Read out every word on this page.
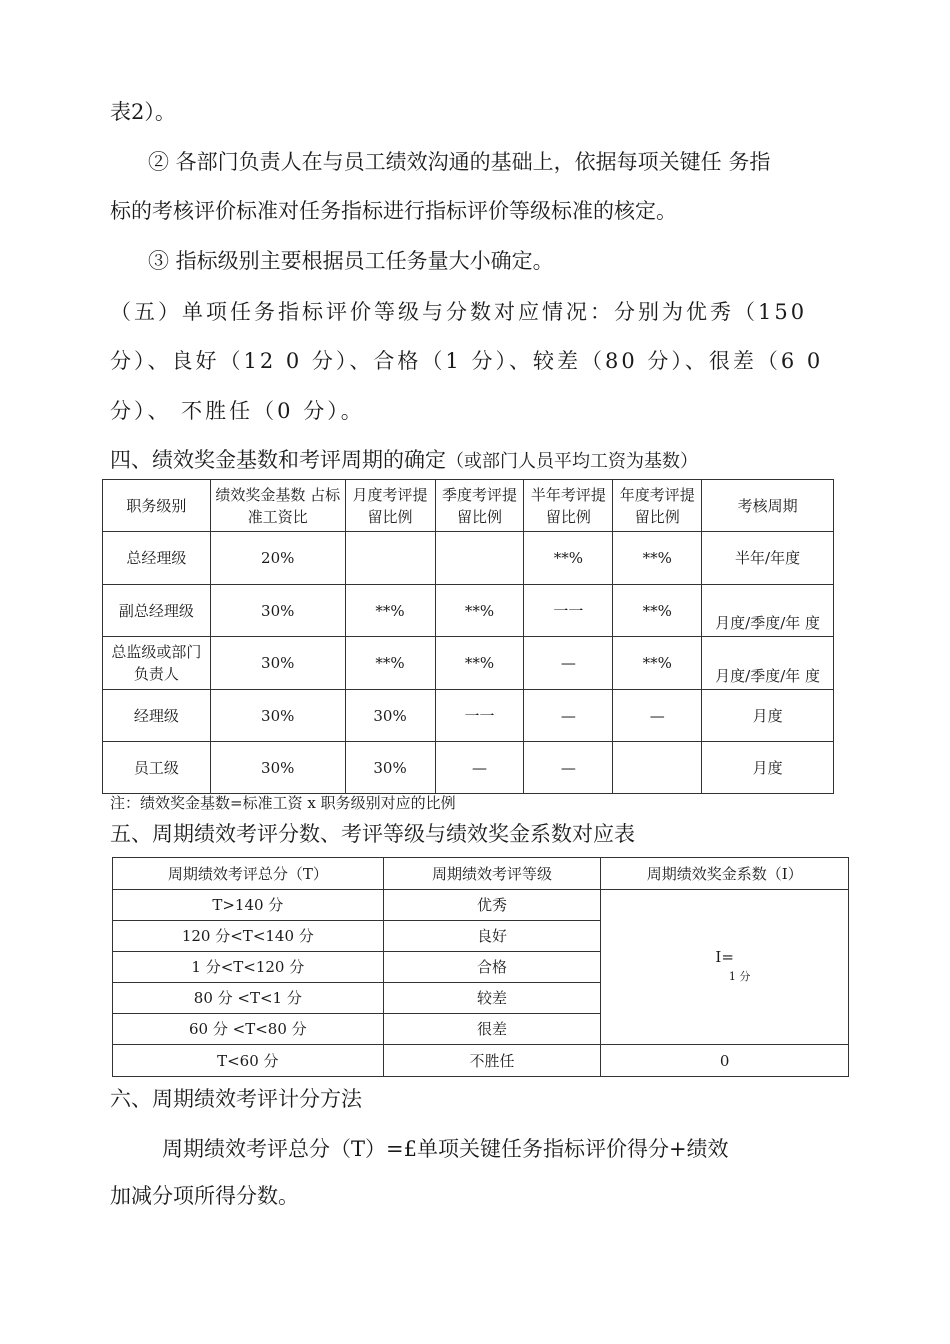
表2）。

② 各部门负责人在与员工绩效沟通的基础上，依据每项关键任 务指

标的考核评价标准对任务指标进行指标评价等级标准的核定。

③ 指标级别主要根据员工任务量大小确定。

（五）单项任务指标评价等级与分数对应情况：分别为优秀（150

分）、良好（12 0 分）、合格（1 分）、较差（80 分）、很差（6 0

分）、 不胜任（0 分）。

四、绩效奖金基数和考评周期的确定（或部门人员平均工资为基数）

职务级别	绩效奖金基数 占标准工资比	月度考评提留比例	季度考评提留比例	半年考评提留比例	年度考评提留比例	考核周期
总经理级	20%			**%	**%	半年/年度
副总经理级	30%	**%	**%	一一	**%	月度/季度/年 度
总监级或部门负责人	30%	**%	**%	—	**%	月度/季度/年 度
经理级	30%	30%	一一	—	—	月度
员工级	30%	30%	—	—		月度
注：绩效奖金基数=标准工资 x 职务级别对应的比例

五、周期绩效考评分数、考评等级与绩效奖金系数对应表

周期绩效考评总分（T）	周期绩效考评等级	周期绩效奖金系数（I）
T>140 分	优秀	I=
1 分

120 分<T<140 分	良好	
1 分<T<120 分	合格	
80 分 <T<1 分	较差	
60 分 <T<80 分	很差	
T<60 分	不胜任	0

六、周期绩效考评计分方法

周期绩效考评总分（T）=£单项关键任务指标评价得分+绩效

加减分项所得分数。
